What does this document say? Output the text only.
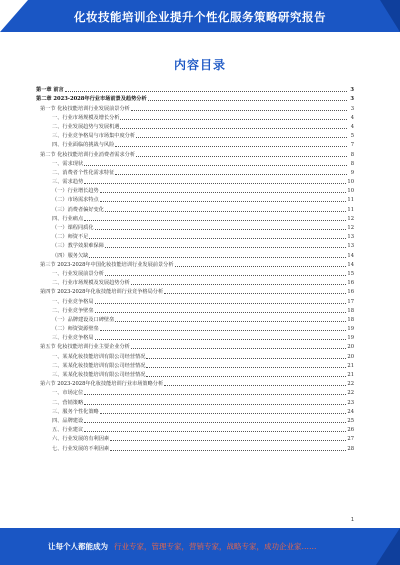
化妆技能培训企业提升个性化服务策略研究报告
内容目录
第一章 前言	3
第二章 2023-2028年行业市场前景及趋势分析	3
第一节 化妆技能培训行业发展前景分析	3
一、行业市场规模及增长分析	4
二、行业发展趋势与发展机遇	4
三、行业竞争格局与市场集中度分析	5
四、行业面临的挑战与风险	7
第二节 化妆技能培训行业消费者需求分析	8
一、需求现状	8
二、消费者个性化需求特征	9
三、需求趋势	10
（一）行业增长趋势	10
（二）市场需求特点	11
（三）消费者偏好变化	11
四、行业痛点	12
（一）课程同质化	12
（二）师资不足	13
（三）教学效果难保障	13
（四）服务欠缺	14
第三节 2023-2028年中国化妆技能培训行业发展前景分析	14
一、行业发展前景分析	15
二、行业市场规模及发展趋势分析	16
第四节 2023-2028年化妆技能培训行业竞争格局分析	16
一、行业竞争格局	17
二、行业竞争壁垒	18
（一）品牌建设及口碑壁垒	18
（二）师资资源壁垒	19
三、行业竞争格局	19
第五节 化妆技能培训行业主要企业分析	20
一、某某化妆技能培训有限公司经营情况	20
二、某某化妆技能培训有限公司经营情况	21
三、某某化妆技能培训有限公司经营情况	21
第六节 2023-2028年化妆技能培训行业市场策略分析	22
一、市场定位	22
二、营销策略	23
三、服务个性化策略	24
四、品牌建设	25
五、行业建议	26
六、行业发展的有利因素	27
七、行业发展的不利因素	28
1
让每个人都能成为 行业专家，管理专家，营销专家，战略专家，成功企业家……
